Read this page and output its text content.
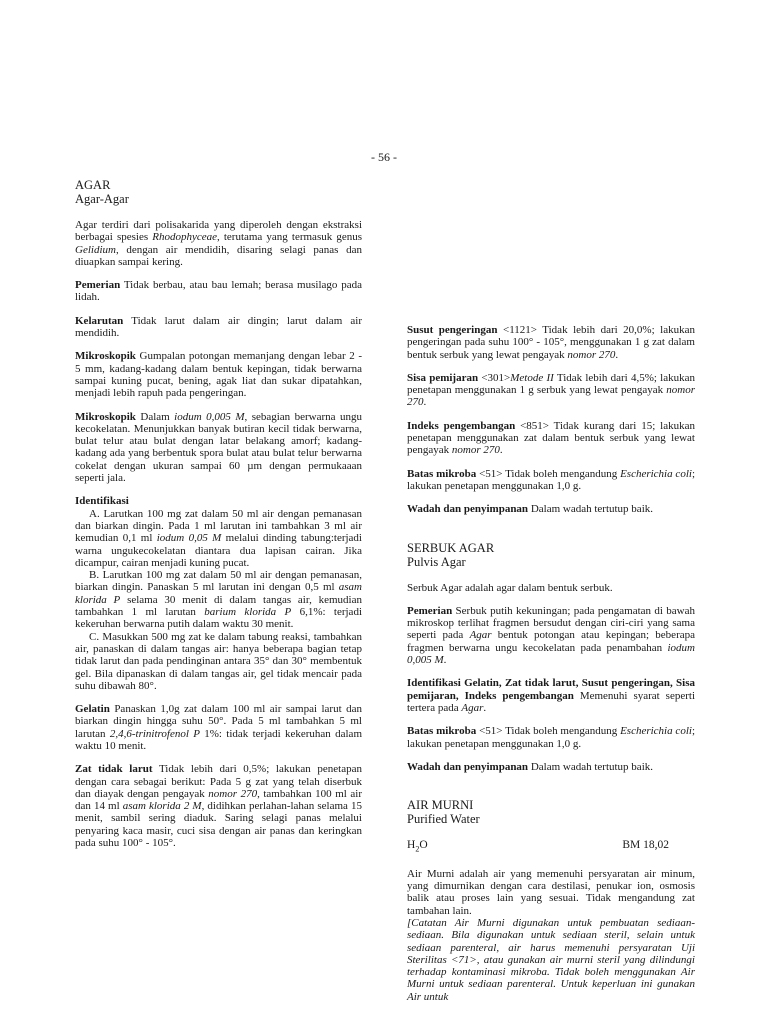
- 56 -
AGAR
Agar-Agar

Agar terdiri dari polisakarida yang diperoleh dengan ekstraksi berbagai spesies Rhodophyceae, terutama yang termasuk genus Gelidium, dengan air mendidih, disaring selagi panas dan diuapkan sampai kering.

Pemerian Tidak berbau, atau bau lemah; berasa musilago pada lidah.

Kelarutan Tidak larut dalam air dingin; larut dalam air mendidih.

Mikroskopik Gumpalan potongan memanjang dengan lebar 2 - 5 mm, kadang-kadang dalam bentuk kepingan, tidak berwarna sampai kuning pucat, bening, agak liat dan sukar dipatahkan, menjadi lebih rapuh pada pengeringan.

Mikroskopik Dalam iodum 0,005 M, sebagian berwarna ungu kecokelatan. Menunjukkan banyak butiran kecil tidak berwarna, bulat telur atau bulat dengan latar belakang amorf; kadang-kadang ada yang berbentuk spora bulat atau bulat telur berwarna cokelat dengan ukuran sampai 60 µm dengan permukaaan seperti jala.

Identifikasi

A. Larutkan 100 mg zat dalam 50 ml air dengan pemanasan dan biarkan dingin. Pada 1 ml larutan ini tambahkan 3 ml air kemudian 0,1 ml iodum 0,05 M melalui dinding tabung:terjadi warna ungukecokelatan diantara dua lapisan cairan. Jika dicampur, cairan menjadi kuning pucat.

B. Larutkan 100 mg zat dalam 50 ml air dengan pemanasan, biarkan dingin. Panaskan 5 ml larutan ini dengan 0,5 ml asam klorida P selama 30 menit di dalam tangas air, kemudian tambahkan 1 ml larutan barium klorida P 6,1%: terjadi kekeruhan berwarna putih dalam waktu 30 menit.

C. Masukkan 500 mg zat ke dalam tabung reaksi, tambahkan air, panaskan di dalam tangas air: hanya beberapa bagian tetap tidak larut dan pada pendinginan antara 35° dan 30° membentuk gel. Bila dipanaskan di dalam tangas air, gel tidak mencair pada suhu dibawah 80°.

Gelatin Panaskan 1,0g zat dalam 100 ml air sampai larut dan biarkan dingin hingga suhu 50°. Pada 5 ml tambahkan 5 ml larutan 2,4,6-trinitrofenol P 1%: tidak terjadi kekeruhan dalam waktu 10 menit.

Zat tidak larut Tidak lebih dari 0,5%; lakukan penetapan dengan cara sebagai berikut: Pada 5 g zat yang telah diserbuk dan diayak dengan pengayak nomor 270, tambahkan 100 ml air dan 14 ml asam klorida 2 M, didihkan perlahan-lahan selama 15 menit, sambil sering diaduk. Saring selagi panas melalui penyaring kaca masir, cuci sisa dengan air panas dan keringkan pada suhu 100° - 105°.

Susut pengeringan <1121> Tidak lebih dari 20,0%; lakukan pengeringan pada suhu 100° - 105°, menggunakan 1 g zat dalam bentuk serbuk yang lewat pengayak nomor 270.

Sisa pemijaran <301>Metode II Tidak lebih dari 4,5%; lakukan penetapan menggunakan 1 g serbuk yang lewat pengayak nomor 270.

Indeks pengembangan <851> Tidak kurang dari 15; lakukan penetapan menggunakan zat dalam bentuk serbuk yang lewat pengayak nomor 270.

Batas mikroba <51> Tidak boleh mengandung Escherichia coli; lakukan penetapan menggunakan 1,0 g.

Wadah dan penyimpanan Dalam wadah tertutup baik.

SERBUK AGAR
Pulvis Agar

Serbuk Agar adalah agar dalam bentuk serbuk.

Pemerian Serbuk putih kekuningan; pada pengamatan di bawah mikroskop terlihat fragmen bersudut dengan ciri-ciri yang sama seperti pada Agar bentuk potongan atau kepingan; beberapa fragmen berwarna ungu kecokelatan pada penambahan iodum 0,005 M.

Identifikasi Gelatin, Zat tidak larut, Susut pengeringan, Sisa pemijaran, Indeks pengembangan Memenuhi syarat seperti tertera pada Agar.

Batas mikroba <51> Tidak boleh mengandung Escherichia coli; lakukan penetapan menggunakan 1,0 g.

Wadah dan penyimpanan Dalam wadah tertutup baik.

AIR MURNI
Purified Water
$H_2O$	BM 18,02

Air Murni adalah air yang memenuhi persyaratan air minum, yang dimurnikan dengan cara destilasi, penukar ion, osmosis balik atau proses lain yang sesuai. Tidak mengandung zat tambahan lain.

[Catatan Air Murni digunakan untuk pembuatan sediaan-sediaan. Bila digunakan untuk sediaan steril, selain untuk sediaan parenteral, air harus memenuhi persyaratan Uji Sterilitas <71>, atau gunakan air murni steril yang dilindungi terhadap kontaminasi mikroba. Tidak boleh menggunakan Air Murni untuk sediaan parenteral. Untuk keperluan ini gunakan Air untuk
